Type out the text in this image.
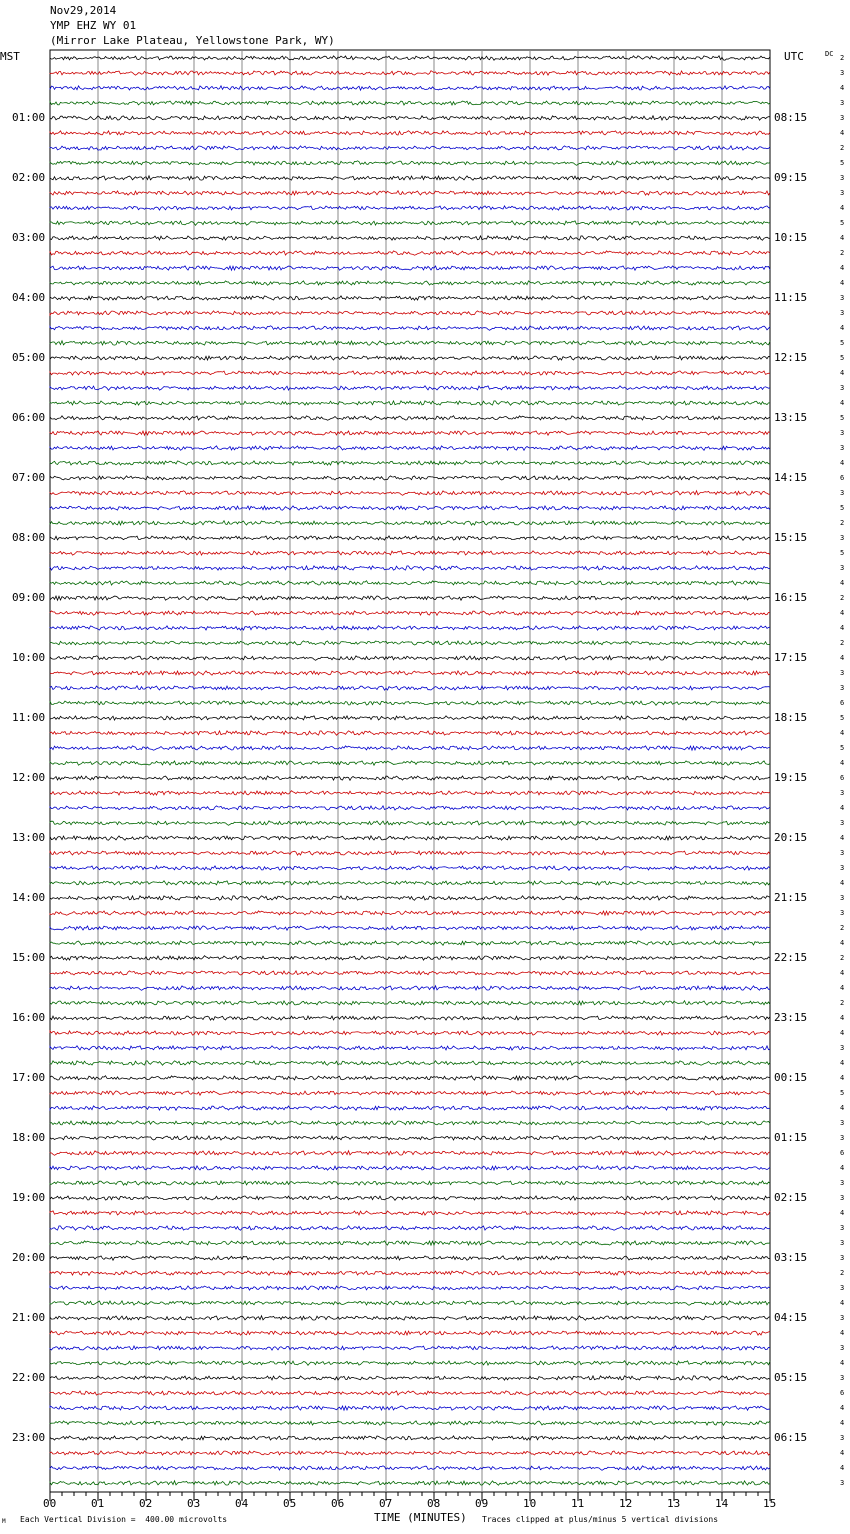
Nov29,2014
YMP EHZ WY 01
(Mirror Lake Plateau, Yellowstone Park, WY)
MST	UTC	DC
00	01	02	03	04	05	06	07	08	09	10	11	12	13	14	15
01:00
02:00
03:00
04:00
05:00
06:00
07:00
08:00
09:00
10:00
11:00
12:00
13:00
14:00
15:00
16:00
17:00
18:00
19:00
20:00
21:00
22:00
23:00
08:15
09:15
10:15
11:15
12:15
13:15
14:15
15:15
16:15
17:15
18:15
19:15
20:15
21:15
22:15
23:15
00:15
01:15
02:15
03:15
04:15
05:15
06:15
2
3
4
3
3
4
2
5
3
3
4
5
4
2
4
4
3
3
4
5
5
4
3
4
5
3
3
4
6
3
5
2
3
5
3
4
2
4
4
2
4
3
3
6
5
4
5
4
6
3
4
3
4
3
3
4
3
3
2
4
2
4
4
2
4
4
3
4
4
5
4
3
3
6
4
3
3
4
3
3
3
2
3
4
3
4
3
4
3
6
4
4
3
4
4
3
Each Vertical Division =  400.00 microvolts
M	TIME (MINUTES) Traces clipped at plus/minus 5 vertical divisions
